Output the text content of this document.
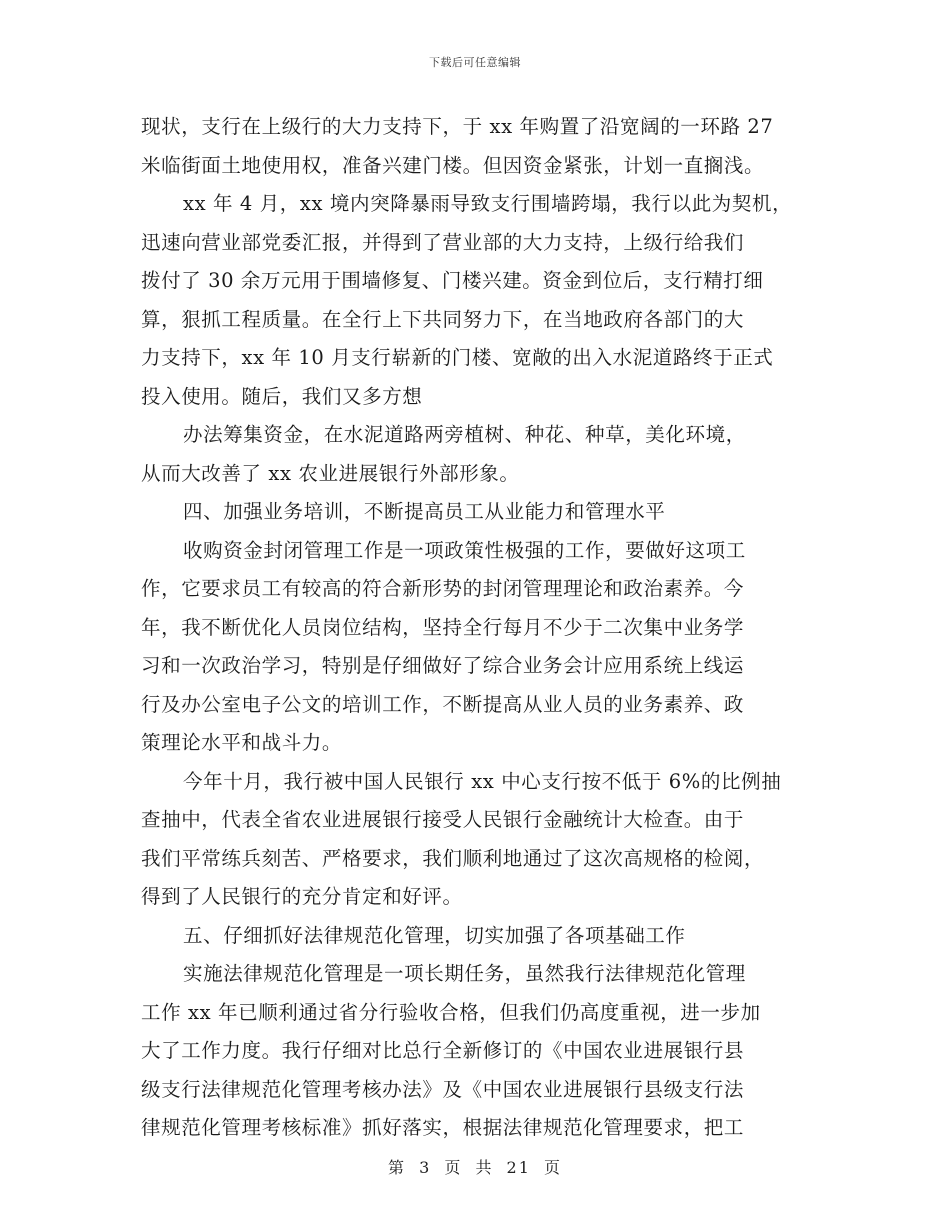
下载后可任意编辑
现状，支行在上级行的大力支持下，于 xx 年购置了沿宽阔的一环路 27
米临街面土地使用权，准备兴建门楼。但因资金紧张，计划一直搁浅。
xx 年 4 月，xx 境内突降暴雨导致支行围墙跨塌，我行以此为契机，
迅速向营业部党委汇报，并得到了营业部的大力支持，上级行给我们
拨付了 30 余万元用于围墙修复、门楼兴建。资金到位后，支行精打细
算，狠抓工程质量。在全行上下共同努力下，在当地政府各部门的大
力支持下，xx 年 10 月支行崭新的门楼、宽敞的出入水泥道路终于正式
投入使用。随后，我们又多方想
办法筹集资金，在水泥道路两旁植树、种花、种草，美化环境，
从而大改善了 xx 农业进展银行外部形象。
四、加强业务培训，不断提高员工从业能力和管理水平
收购资金封闭管理工作是一项政策性极强的工作，要做好这项工
作，它要求员工有较高的符合新形势的封闭管理理论和政治素养。今
年，我不断优化人员岗位结构，坚持全行每月不少于二次集中业务学
习和一次政治学习，特别是仔细做好了综合业务会计应用系统上线运
行及办公室电子公文的培训工作，不断提高从业人员的业务素养、政
策理论水平和战斗力。
今年十月，我行被中国人民银行 xx 中心支行按不低于 6%的比例抽
查抽中，代表全省农业进展银行接受人民银行金融统计大检查。由于
我们平常练兵刻苦、严格要求，我们顺利地通过了这次高规格的检阅，
得到了人民银行的充分肯定和好评。
五、仔细抓好法律规范化管理，切实加强了各项基础工作
实施法律规范化管理是一项长期任务，虽然我行法律规范化管理
工作 xx 年已顺利通过省分行验收合格，但我们仍高度重视，进一步加
大了工作力度。我行仔细对比总行全新修订的《中国农业进展银行县
级支行法律规范化管理考核办法》及《中国农业进展银行县级支行法
律规范化管理考核标准》抓好落实，根据法律规范化管理要求，把工
第 3 页 共 21 页
